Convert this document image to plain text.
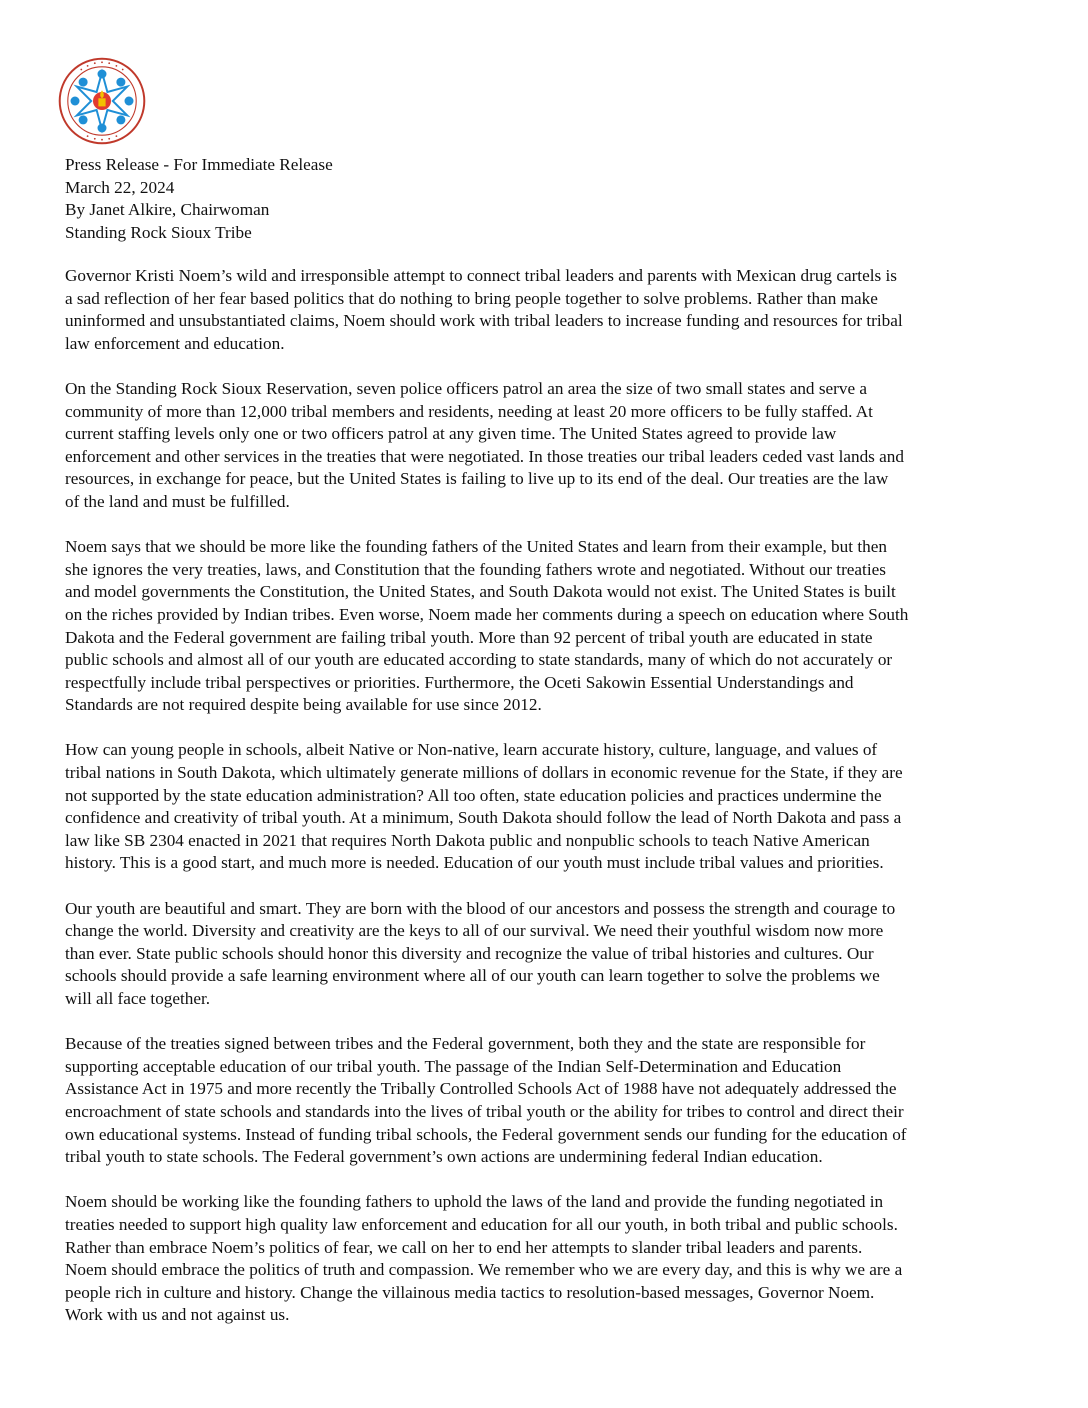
Press Release - For Immediate Release
March 22, 2024
By Janet Alkire, Chairwoman
Standing Rock Sioux Tribe

Governor Kristi Noem’s wild and irresponsible attempt to connect tribal leaders and parents with Mexican drug cartels is
a sad reflection of her fear based politics that do nothing to bring people together to solve problems. Rather than make
uninformed and unsubstantiated claims, Noem should work with tribal leaders to increase funding and resources for tribal
law enforcement and education.

On the Standing Rock Sioux Reservation, seven police officers patrol an area the size of two small states and serve a
community of more than 12,000 tribal members and residents, needing at least 20 more officers to be fully staffed. At
current staffing levels only one or two officers patrol at any given time. The United States agreed to provide law
enforcement and other services in the treaties that were negotiated. In those treaties our tribal leaders ceded vast lands and
resources, in exchange for peace, but the United States is failing to live up to its end of the deal. Our treaties are the law
of the land and must be fulfilled.

Noem says that we should be more like the founding fathers of the United States and learn from their example, but then
she ignores the very treaties, laws, and Constitution that the founding fathers wrote and negotiated. Without our treaties
and model governments the Constitution, the United States, and South Dakota would not exist. The United States is built
on the riches provided by Indian tribes. Even worse, Noem made her comments during a speech on education where South
Dakota and the Federal government are failing tribal youth. More than 92 percent of tribal youth are educated in state
public schools and almost all of our youth are educated according to state standards, many of which do not accurately or
respectfully include tribal perspectives or priorities. Furthermore, the Oceti Sakowin Essential Understandings and
Standards are not required despite being available for use since 2012.

How can young people in schools, albeit Native or Non-native, learn accurate history, culture, language, and values of
tribal nations in South Dakota, which ultimately generate millions of dollars in economic revenue for the State, if they are
not supported by the state education administration? All too often, state education policies and practices undermine the
confidence and creativity of tribal youth. At a minimum, South Dakota should follow the lead of North Dakota and pass a
law like SB 2304 enacted in 2021 that requires North Dakota public and nonpublic schools to teach Native American
history. This is a good start, and much more is needed. Education of our youth must include tribal values and priorities.

Our youth are beautiful and smart. They are born with the blood of our ancestors and possess the strength and courage to
change the world. Diversity and creativity are the keys to all of our survival. We need their youthful wisdom now more
than ever. State public schools should honor this diversity and recognize the value of tribal histories and cultures. Our
schools should provide a safe learning environment where all of our youth can learn together to solve the problems we
will all face together.

Because of the treaties signed between tribes and the Federal government, both they and the state are responsible for
supporting acceptable education of our tribal youth. The passage of the Indian Self-Determination and Education
Assistance Act in 1975 and more recently the Tribally Controlled Schools Act of 1988 have not adequately addressed the
encroachment of state schools and standards into the lives of tribal youth or the ability for tribes to control and direct their
own educational systems. Instead of funding tribal schools, the Federal government sends our funding for the education of
tribal youth to state schools. The Federal government’s own actions are undermining federal Indian education.

Noem should be working like the founding fathers to uphold the laws of the land and provide the funding negotiated in
treaties needed to support high quality law enforcement and education for all our youth, in both tribal and public schools.
Rather than embrace Noem’s politics of fear, we call on her to end her attempts to slander tribal leaders and parents.
Noem should embrace the politics of truth and compassion. We remember who we are every day, and this is why we are a
people rich in culture and history. Change the villainous media tactics to resolution-based messages, Governor Noem.
Work with us and not against us.
